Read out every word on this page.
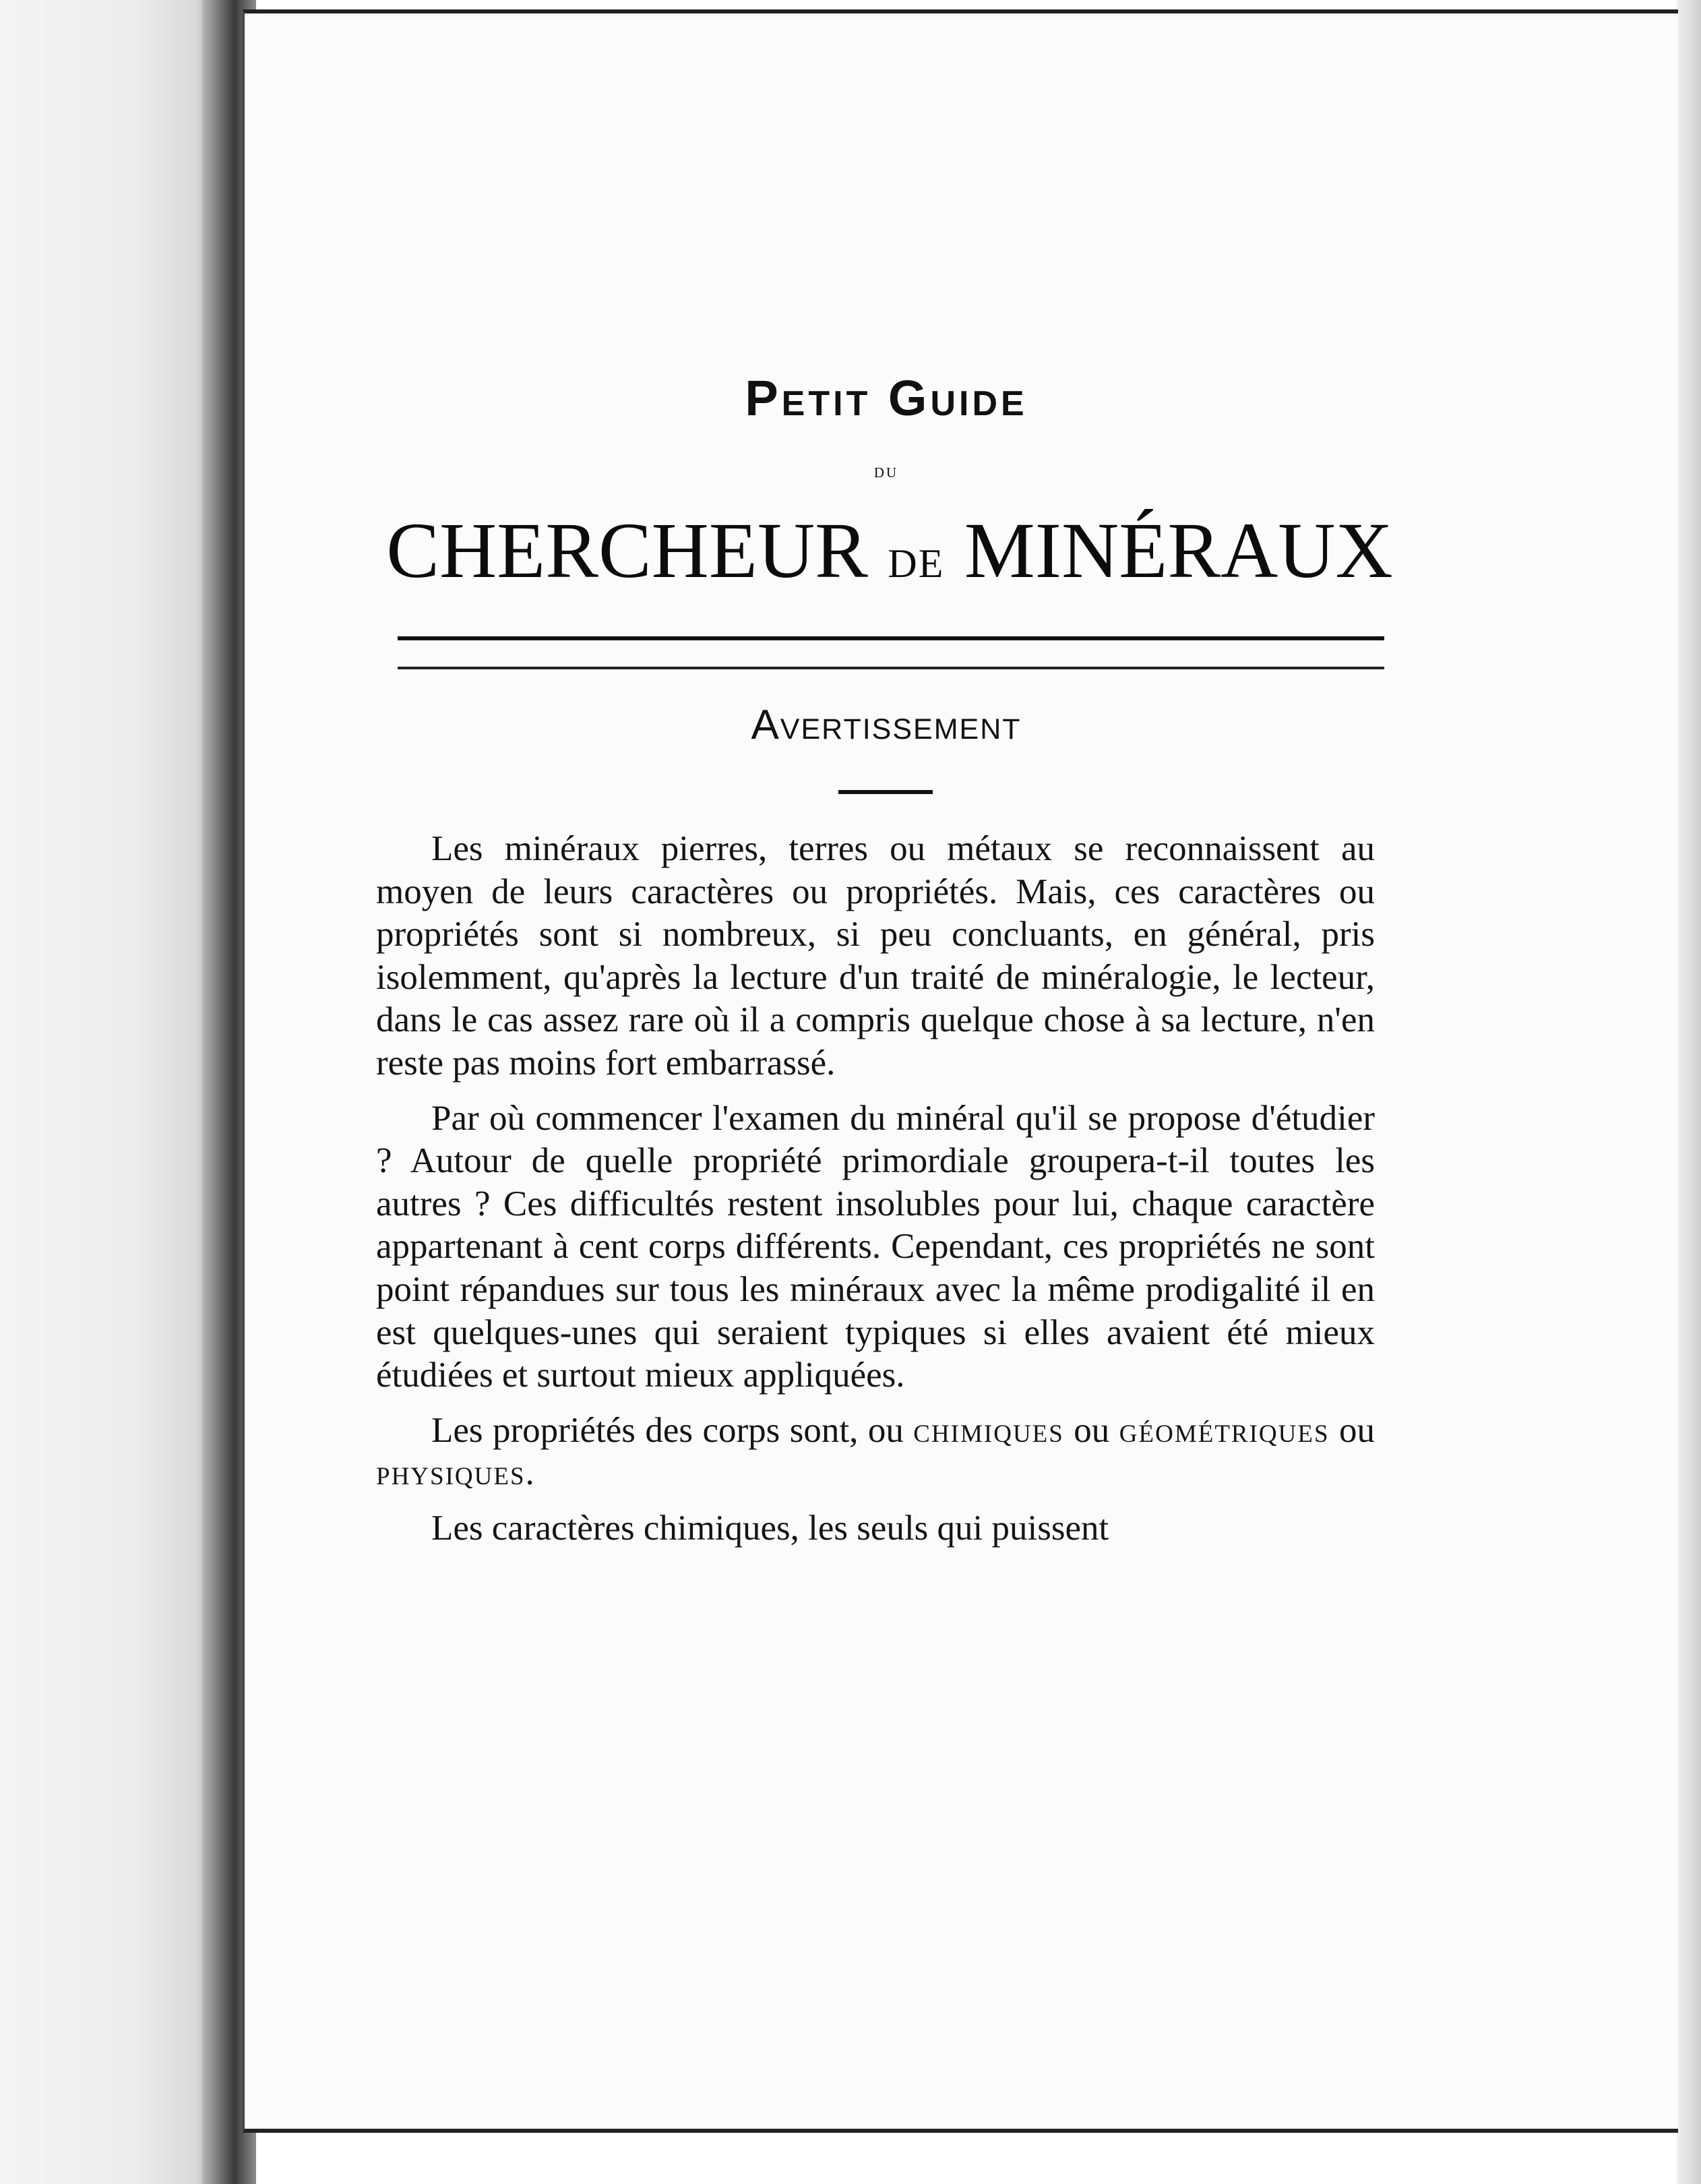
Petit Guide
du
CHERCHEUR DE MINÉRAUX
Avertissement

Les minéraux pierres, terres ou métaux se reconnaissent au moyen de leurs caractères ou propriétés. Mais, ces caractères ou propriétés sont si nombreux, si peu concluants, en général, pris isolemment, qu'après la lecture d'un traité de minéralogie, le lecteur, dans le cas assez rare où il a compris quelque chose à sa lecture, n'en reste pas moins fort embarrassé.

Par où commencer l'examen du minéral qu'il se propose d'étudier ? Autour de quelle propriété primordiale groupera-t-il toutes les autres ? Ces difficultés restent insolubles pour lui, chaque caractère appartenant à cent corps différents. Cependant, ces propriétés ne sont point répandues sur tous les minéraux avec la même prodigalité il en est quelques-unes qui seraient typiques si elles avaient été mieux étudiées et surtout mieux appliquées.

Les propriétés des corps sont, ou chimiques ou géométriques ou physiques.

Les caractères chimiques, les seuls qui puissent
